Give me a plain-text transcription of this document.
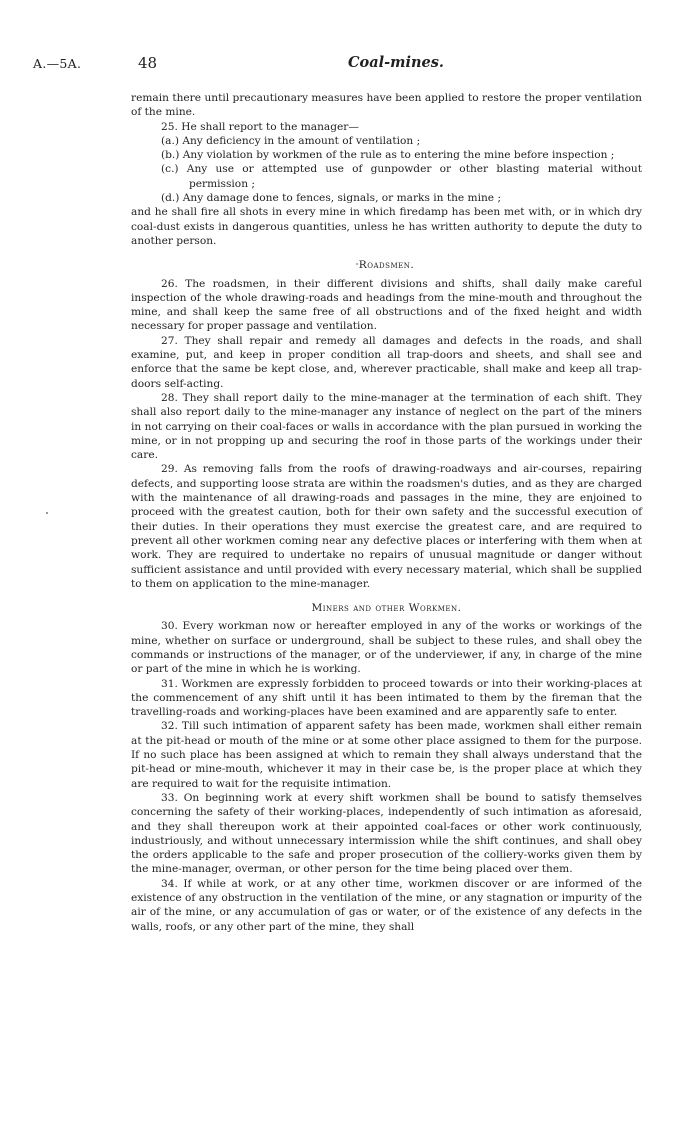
A.—5A.	48	Coal-mines.

remain there until precautionary measures have been applied to restore the proper ventilation of the mine.

25. He shall report to the manager—

(a.) Any deficiency in the amount of ventilation ;

(b.) Any violation by workmen of the rule as to entering the mine before inspection ;

(c.) Any use or attempted use of gunpowder or other blasting material without permission ;

(d.) Any damage done to fences, signals, or marks in the mine ;

and he shall fire all shots in every mine in which firedamp has been met with, or in which dry coal-dust exists in dangerous quantities, unless he has written authority to depute the duty to another person.

Roadsmen.

26. The roadsmen, in their different divisions and shifts, shall daily make careful inspection of the whole drawing-roads and headings from the mine-mouth and throughout the mine, and shall keep the same free of all obstructions and of the fixed height and width necessary for proper passage and ventilation.

27. They shall repair and remedy all damages and defects in the roads, and shall examine, put, and keep in proper condition all trap-doors and sheets, and shall see and enforce that the same be kept close, and, wherever practicable, shall make and keep all trap-doors self-acting.

28. They shall report daily to the mine-manager at the termination of each shift. They shall also report daily to the mine-manager any instance of neglect on the part of the miners in not carrying on their coal-faces or walls in accordance with the plan pursued in working the mine, or in not propping up and securing the roof in those parts of the workings under their care.

29. As removing falls from the roofs of drawing-roadways and air-courses, repairing defects, and supporting loose strata are within the roadsmen's duties, and as they are charged with the maintenance of all drawing-roads and passages in the mine, they are enjoined to proceed with the greatest caution, both for their own safety and the successful execution of their duties. In their operations they must exercise the greatest care, and are required to prevent all other workmen coming near any defective places or interfering with them when at work. They are required to undertake no repairs of unusual magnitude or danger without sufficient assistance and until provided with every necessary material, which shall be supplied to them on application to the mine-manager.

Miners and other Workmen.

30. Every workman now or hereafter employed in any of the works or workings of the mine, whether on surface or underground, shall be subject to these rules, and shall obey the commands or instructions of the manager, or of the underviewer, if any, in charge of the mine or part of the mine in which he is working.

31. Workmen are expressly forbidden to proceed towards or into their working-places at the commencement of any shift until it has been intimated to them by the fireman that the travelling-roads and working-places have been examined and are apparently safe to enter.

32. Till such intimation of apparent safety has been made, workmen shall either remain at the pit-head or mouth of the mine or at some other place assigned to them for the purpose. If no such place has been assigned at which to remain they shall always understand that the pit-head or mine-mouth, whichever it may in their case be, is the proper place at which they are required to wait for the requisite intimation.

33. On beginning work at every shift workmen shall be bound to satisfy themselves concerning the safety of their working-places, independently of such intimation as aforesaid, and they shall thereupon work at their appointed coal-faces or other work continuously, industriously, and without unnecessary intermission while the shift continues, and shall obey the orders applicable to the safe and proper prosecution of the colliery-works given them by the mine-manager, overman, or other person for the time being placed over them.

34. If while at work, or at any other time, workmen discover or are informed of the existence of any obstruction in the ventilation of the mine, or any stagnation or impurity of the air of the mine, or any accumulation of gas or water, or of the existence of any defects in the walls, roofs, or any other part of the mine, they shall
